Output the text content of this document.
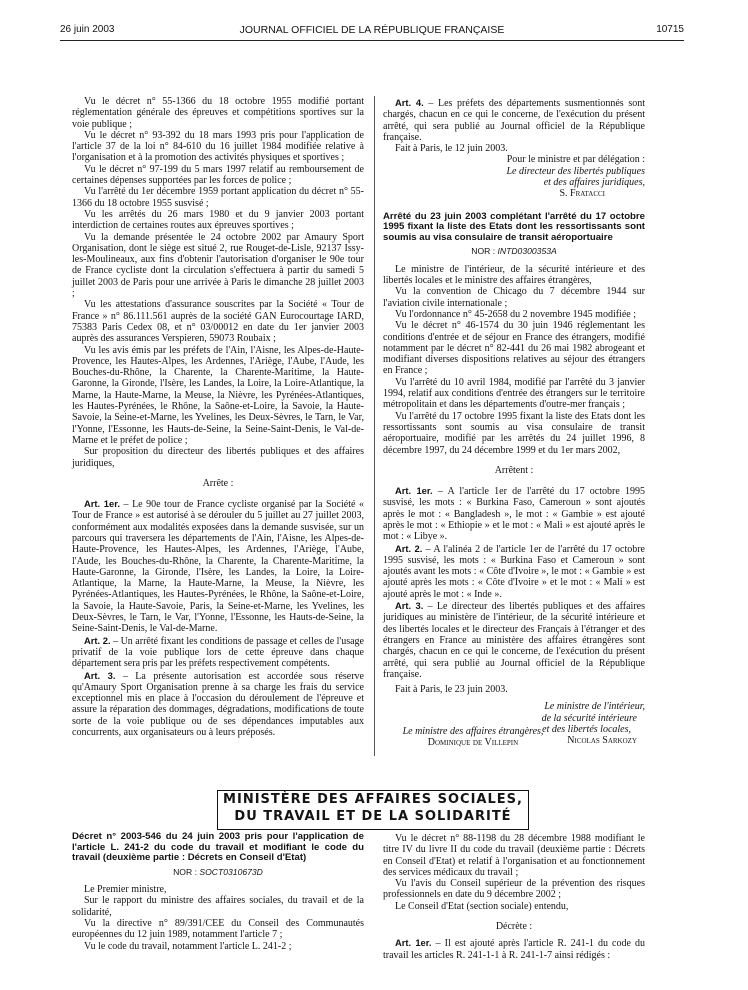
26 juin 2003	JOURNAL OFFICIEL DE LA RÉPUBLIQUE FRANÇAISE	10715

Vu le décret n° 55-1366 du 18 octobre 1955 modifié portant réglementation générale des épreuves et compétitions sportives sur la voie publique ;

Vu le décret n° 93-392 du 18 mars 1993 pris pour l'application de l'article 37 de la loi n° 84-610 du 16 juillet 1984 modifiée relative à l'organisation et à la promotion des activités physiques et sportives ;

Vu le décret n° 97-199 du 5 mars 1997 relatif au remboursement de certaines dépenses supportées par les forces de police ;

Vu l'arrêté du 1er décembre 1959 portant application du décret n° 55-1366 du 18 octobre 1955 susvisé ;

Vu les arrêtés du 26 mars 1980 et du 9 janvier 2003 portant interdiction de certaines routes aux épreuves sportives ;

Vu la demande présentée le 24 octobre 2002 par Amaury Sport Organisation, dont le siège est situé 2, rue Rouget-de-Lisle, 92137 Issy-les-Moulineaux, aux fins d'obtenir l'autorisation d'organiser le 90e tour de France cycliste dont la circulation s'effectuera à partir du samedi 5 juillet 2003 de Paris pour une arrivée à Paris le dimanche 28 juillet 2003 ;

Vu les attestations d'assurance souscrites par la Société « Tour de France » n° 86.111.561 auprès de la société GAN Eurocourtage IARD, 75383 Paris Cedex 08, et n° 03/00012 en date du 1er janvier 2003 auprès des assurances Verspieren, 59073 Roubaix ;

Vu les avis émis par les préfets de l'Ain, l'Aisne, les Alpes-de-Haute-Provence, les Hautes-Alpes, les Ardennes, l'Ariège, l'Aube, l'Aude, les Bouches-du-Rhône, la Charente, la Charente-Maritime, la Haute-Garonne, la Gironde, l'Isère, les Landes, la Loire, la Loire-Atlantique, la Marne, la Haute-Marne, la Meuse, la Nièvre, les Pyrénées-Atlantiques, les Hautes-Pyrénées, le Rhône, la Saône-et-Loire, la Savoie, la Haute-Savoie, la Seine-et-Marne, les Yvelines, les Deux-Sèvres, le Tarn, le Var, l'Yonne, l'Essonne, les Hauts-de-Seine, la Seine-Saint-Denis, le Val-de-Marne et le préfet de police ;

Sur proposition du directeur des libertés publiques et des affaires juridiques,

Arrête :

Art. 1er. – Le 90e tour de France cycliste organisé par la Société « Tour de France » est autorisé à se dérouler du 5 juillet au 27 juillet 2003, conformément aux modalités exposées dans la demande susvisée, sur un parcours qui traversera les départements de l'Ain, l'Aisne, les Alpes-de-Haute-Provence, les Hautes-Alpes, les Ardennes, l'Ariège, l'Aube, l'Aude, les Bouches-du-Rhône, la Charente, la Charente-Maritime, la Haute-Garonne, la Gironde, l'Isère, les Landes, la Loire, la Loire-Atlantique, la Marne, la Haute-Marne, la Meuse, la Nièvre, les Pyrénées-Atlantiques, les Hautes-Pyrénées, le Rhône, la Saône-et-Loire, la Savoie, la Haute-Savoie, Paris, la Seine-et-Marne, les Yvelines, les Deux-Sèvres, le Tarn, le Var, l'Yonne, l'Essonne, les Hauts-de-Seine, la Seine-Saint-Denis, le Val-de-Marne.

Art. 2. – Un arrêté fixant les conditions de passage et celles de l'usage privatif de la voie publique lors de cette épreuve dans chaque département sera pris par les préfets respectivement compétents.

Art. 3. – La présente autorisation est accordée sous réserve qu'Amaury Sport Organisation prenne à sa charge les frais du service exceptionnel mis en place à l'occasion du déroulement de l'épreuve et assure la réparation des dommages, dégradations, modifications de toute sorte de la voie publique ou de ses dépendances imputables aux concurrents, aux organisateurs ou à leurs préposés.

Art. 4. – Les préfets des départements susmentionnés sont chargés, chacun en ce qui le concerne, de l'exécution du présent arrêté, qui sera publié au Journal officiel de la République française.

Fait à Paris, le 12 juin 2003.

Pour le ministre et par délégation :

Le directeur des libertés publiques

et des affaires juridiques,

S. Fratacci

Arrêté du 23 juin 2003 complétant l'arrêté du 17 octobre 1995 fixant la liste des Etats dont les ressortissants sont soumis au visa consulaire de transit aéroportuaire

NOR : INTD0300353A

Le ministre de l'intérieur, de la sécurité intérieure et des libertés locales et le ministre des affaires étrangères,

Vu la convention de Chicago du 7 décembre 1944 sur l'aviation civile internationale ;

Vu l'ordonnance n° 45-2658 du 2 novembre 1945 modifiée ;

Vu le décret n° 46-1574 du 30 juin 1946 réglementant les conditions d'entrée et de séjour en France des étrangers, modifié notamment par le décret n° 82-441 du 26 mai 1982 abrogeant et modifiant diverses dispositions relatives au séjour des étrangers en France ;

Vu l'arrêté du 10 avril 1984, modifié par l'arrêté du 3 janvier 1994, relatif aux conditions d'entrée des étrangers sur le territoire métropolitain et dans les départements d'outre-mer français ;

Vu l'arrêté du 17 octobre 1995 fixant la liste des Etats dont les ressortissants sont soumis au visa consulaire de transit aéroportuaire, modifié par les arrêtés du 24 juillet 1996, 8 décembre 1997, du 24 décembre 1999 et du 1er mars 2002,

Arrêtent :

Art. 1er. – A l'article 1er de l'arrêté du 17 octobre 1995 susvisé, les mots : « Burkina Faso, Cameroun » sont ajoutés après le mot : « Bangladesh », le mot : « Gambie » est ajouté après le mot : « Ethiopie » et le mot : « Mali » est ajouté après le mot : « Libye ».

Art. 2. – A l'alinéa 2 de l'article 1er de l'arrêté du 17 octobre 1995 susvisé, les mots : « Burkina Faso et Cameroun » sont ajoutés avant les mots : « Côte d'Ivoire », le mot : « Gambie » est ajouté après les mots : « Côte d'Ivoire » et le mot : « Mali » est ajouté après le mot : « Inde ».

Art. 3. – Le directeur des libertés publiques et des affaires juridiques au ministère de l'intérieur, de la sécurité intérieure et des libertés locales et le directeur des Français à l'étranger et des étrangers en France au ministère des affaires étrangères sont chargés, chacun en ce qui le concerne, de l'exécution du présent arrêté, qui sera publié au Journal officiel de la République française.

Fait à Paris, le 23 juin 2003.

Le ministre de l'intérieur,

de la sécurité intérieure

et des libertés locales,

Nicolas Sarkozy

Le ministre des affaires étrangères,
Dominique de Villepin
MINISTÈRE DES AFFAIRES SOCIALES,
DU TRAVAIL ET DE LA SOLIDARITÉ

Décret n° 2003-546 du 24 juin 2003 pris pour l'application de l'article L. 241-2 du code du travail et modifiant le code du travail (deuxième partie : Décrets en Conseil d'Etat)

NOR : SOCT0310673D

Le Premier ministre,

Sur le rapport du ministre des affaires sociales, du travail et de la solidarité,

Vu la directive n° 89/391/CEE du Conseil des Communautés européennes du 12 juin 1989, notamment l'article 7 ;

Vu le code du travail, notamment l'article L. 241-2 ;

Vu le décret n° 88-1198 du 28 décembre 1988 modifiant le titre IV du livre II du code du travail (deuxième partie : Décrets en Conseil d'Etat) et relatif à l'organisation et au fonctionnement des services médicaux du travail ;

Vu l'avis du Conseil supérieur de la prévention des risques professionnels en date du 9 décembre 2002 ;

Le Conseil d'Etat (section sociale) entendu,

Décrète :

Art. 1er. – Il est ajouté après l'article R. 241-1 du code du travail les articles R. 241-1-1 à R. 241-1-7 ainsi rédigés :
